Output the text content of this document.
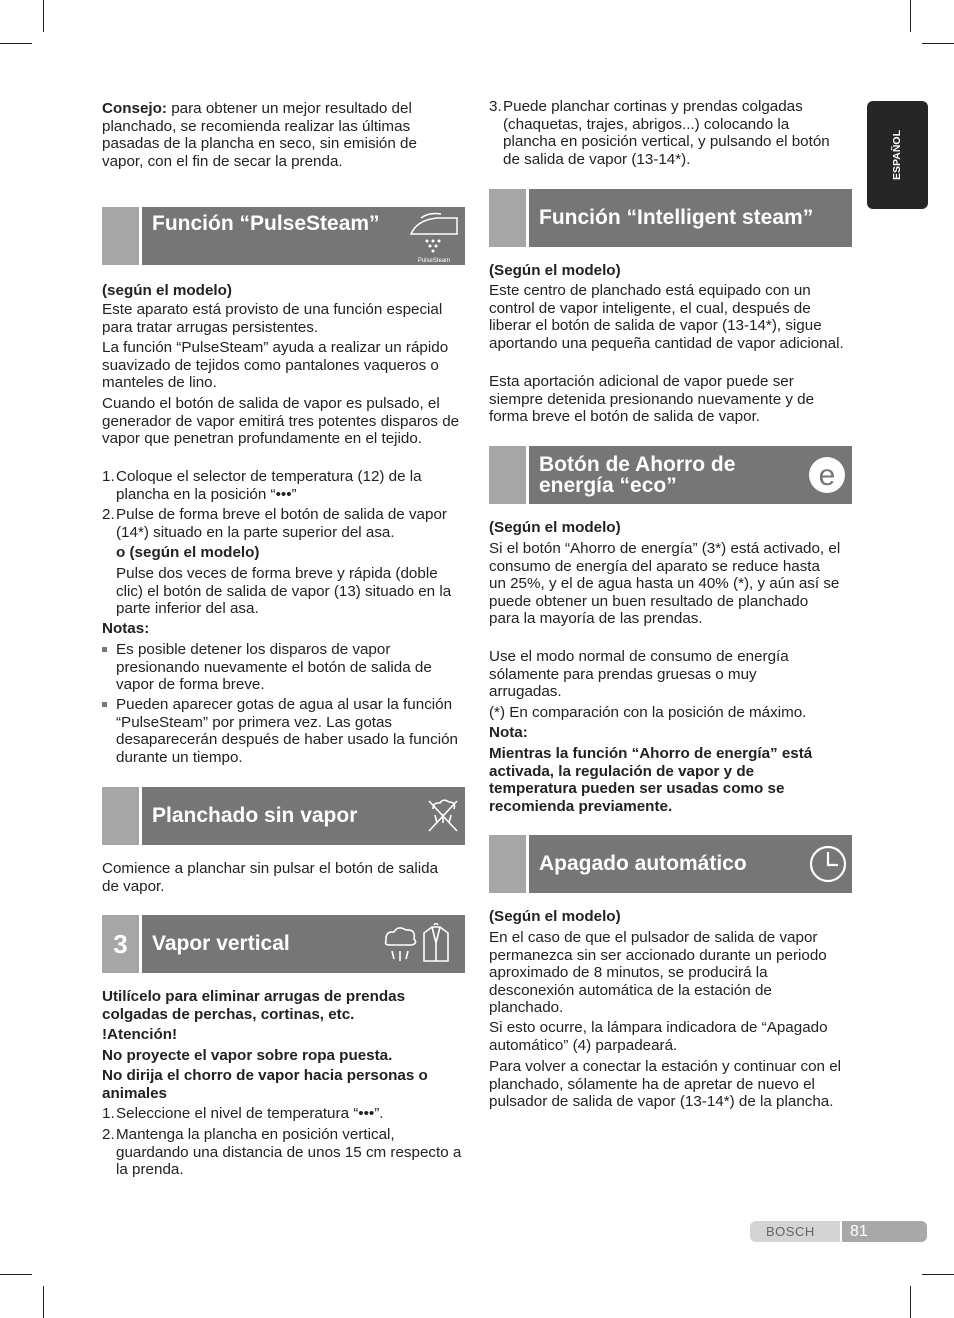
ESPAÑOL

Consejo: para obtener un mejor resultado del planchado, se recomienda realizar las últimas pasadas de la plancha en seco, sin emisión de vapor, con el fin de secar la prenda.

Función “PulseSteam”
PulseSteam

(según el modelo)

Este aparato está provisto de una función especial para tratar arrugas persistentes.

La función “PulseSteam” ayuda a realizar un rápido suavizado de tejidos como pantalones vaqueros o manteles de lino.

Cuando el botón de salida de vapor es pulsado, el generador de vapor emitirá tres potentes disparos de vapor que penetran profundamente en el tejido.

1. Coloque el selector de temperatura (12) de la plancha en la posición “•••”
2. Pulse de forma breve el botón de salida de vapor (14*) situado en la parte superior del asa.

o (según el modelo)

Pulse dos veces de forma breve y rápida (doble clic) el botón de salida de vapor (13) situado en la parte inferior del asa.

Notas:

Es posible detener los disparos de vapor presionando nuevamente el botón de salida de vapor de forma breve.
Pueden aparecer gotas de agua al usar la función “PulseSteam” por primera vez. Las gotas desaparecerán después de haber usado la función durante un tiempo.
Planchado sin vapor

Comience a planchar sin pulsar el botón de salida de vapor.

3	Vapor vertical

Utilícelo para eliminar arrugas de prendas colgadas de perchas, cortinas, etc.

!Atención!

No proyecte el vapor sobre ropa puesta.

No dirija el chorro de vapor hacia personas o animales

1. Seleccione el nivel de temperatura “•••”.
2. Mantenga la plancha en posición vertical, guardando una distancia de unos 15 cm respecto a la prenda.
3. Puede planchar cortinas y prendas colgadas (chaquetas, trajes, abrigos...) colocando la plancha en posición vertical, y pulsando el botón de salida de vapor (13-14*).
Función “Intelligent steam”

(Según el modelo)

Este centro de planchado está equipado con un control de vapor inteligente, el cual, después de liberar el botón de salida de vapor (13-14*), sigue aportando una pequeña cantidad de vapor adicional.

Esta aportación adicional de vapor puede ser siempre detenida presionando nuevamente y de forma breve el botón de salida de vapor.

Botón de Ahorro de
energía “eco”	e

(Según el modelo)

Si el botón “Ahorro de energía” (3*) está activado, el consumo de energía del aparato se reduce hasta un 25%, y el de agua hasta un 40% (*), y aún así se puede obtener un buen resultado de planchado para la mayoría de las prendas.

Use el modo normal de consumo de energía sólamente para prendas gruesas o muy arrugadas.

(*) En comparación con la posición de máximo.

Nota:

Mientras la función “Ahorro de energía” está activada, la regulación de vapor y de temperatura pueden ser usadas como se recomienda previamente.

Apagado automático

(Según el modelo)

En el caso de que el pulsador de salida de vapor permanezca sin ser accionado durante un periodo aproximado de 8 minutos, se producirá la desconexión automática de la estación de planchado.

Si esto ocurre, la lámpara indicadora de “Apagado automático” (4) parpadeará.

Para volver a conectar la estación y continuar con el planchado, sólamente ha de apretar de nuevo el pulsador de salida de vapor (13-14*) de la plancha.

BOSCH 81
